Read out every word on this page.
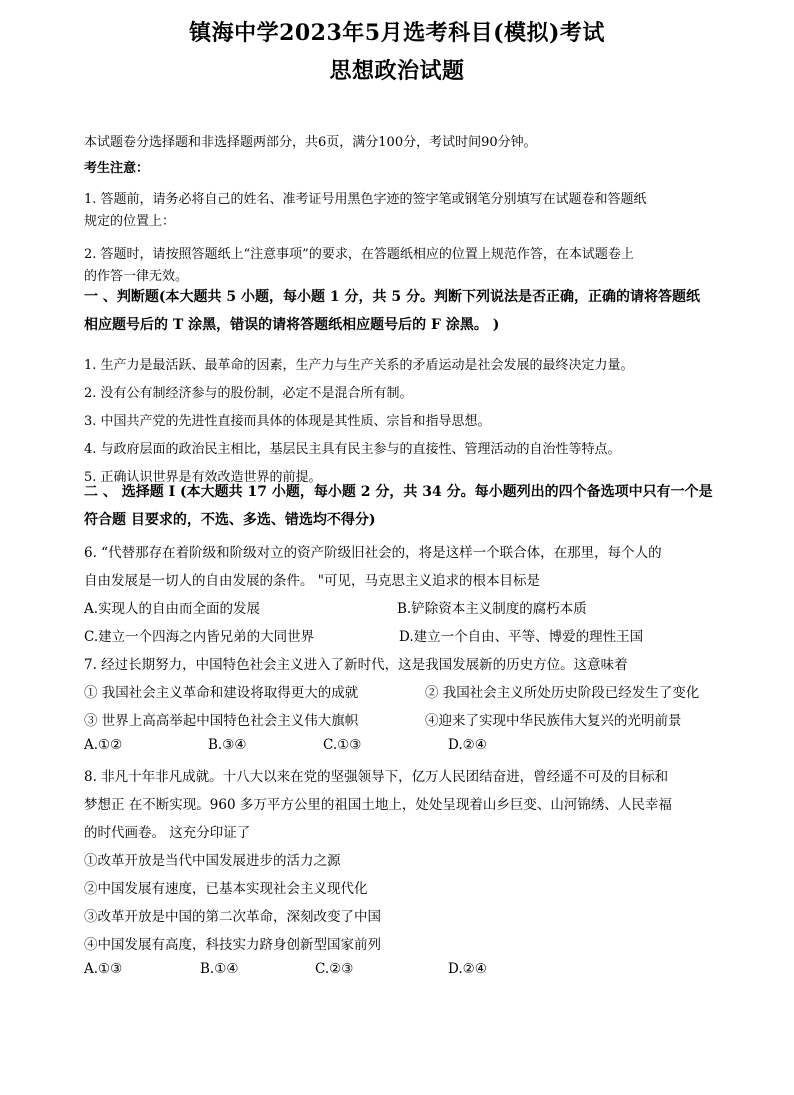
镇海中学2023年5月选考科目(模拟)考试
思想政治试题
本试题卷分选择题和非选择题两部分，共6页，满分100分，考试时间90分钟。
考生注意：
1. 答题前，请务必将自己的姓名、准考证号用黑色字迹的签字笔或钢笔分别填写在试题卷和答题纸
规定的位置上：
2. 答题时，请按照答题纸上“注意事项”的要求，在答题纸相应的位置上规范作答，在本试题卷上
的作答一律无效。
一 、判断题(本大题共 5 小题，每小题 1 分，共 5 分。判断下列说法是否正确，正确的请将答题纸
相应题号后的 T 涂黑，错误的请将答题纸相应题号后的 F 涂黑。 )
1. 生产力是最活跃、最革命的因素，生产力与生产关系的矛盾运动是社会发展的最终决定力量。
2. 没有公有制经济参与的股份制，必定不是混合所有制。
3. 中国共产党的先进性直接而具体的体现是其性质、宗旨和指导思想。
4. 与政府层面的政治民主相比，基层民主具有民主参与的直接性、管理活动的自治性等特点。
5. 正确认识世界是有效改造世界的前提。
二 、 选择题 I (本大题共 17 小题，每小题 2 分，共 34 分。每小题列出的四个备选项中只有一个是
符合题 目要求的，不选、多选、错选均不得分)
6. “代替那存在着阶级和阶级对立的资产阶级旧社会的，将是这样一个联合体，在那里，每个人的
自由发展是一切人的自由发展的条件。 "可见，马克思主义追求的根本目标是
A.实现人的自由而全面的发展	B.铲除资本主义制度的腐朽本质
C.建立一个四海之内皆兄弟的大同世界	D.建立一个自由、平等、博爱的理性王国
7. 经过长期努力，中国特色社会主义进入了新时代，这是我国发展新的历史方位。这意味着
① 我国社会主义革命和建设将取得更大的成就	② 我国社会主义所处历史阶段已经发生了变化
③ 世界上高高举起中国特色社会主义伟大旗帜	④迎来了实现中华民族伟大复兴的光明前景
A.①②	B.③④	C.①③	D.②④
8. 非凡十年非凡成就。十八大以来在党的坚强领导下，亿万人民团结奋进，曾经遥不可及的目标和
梦想正 在不断实现。960 多万平方公里的祖国土地上，处处呈现着山乡巨变、山河锦绣、人民幸福
的时代画卷。 这充分印证了
①改革开放是当代中国发展进步的活力之源
②中国发展有速度，已基本实现社会主义现代化
③改革开放是中国的第二次革命，深刻改变了中国
④中国发展有高度，科技实力跻身创新型国家前列
A.①③	B.①④	C.②③	D.②④
